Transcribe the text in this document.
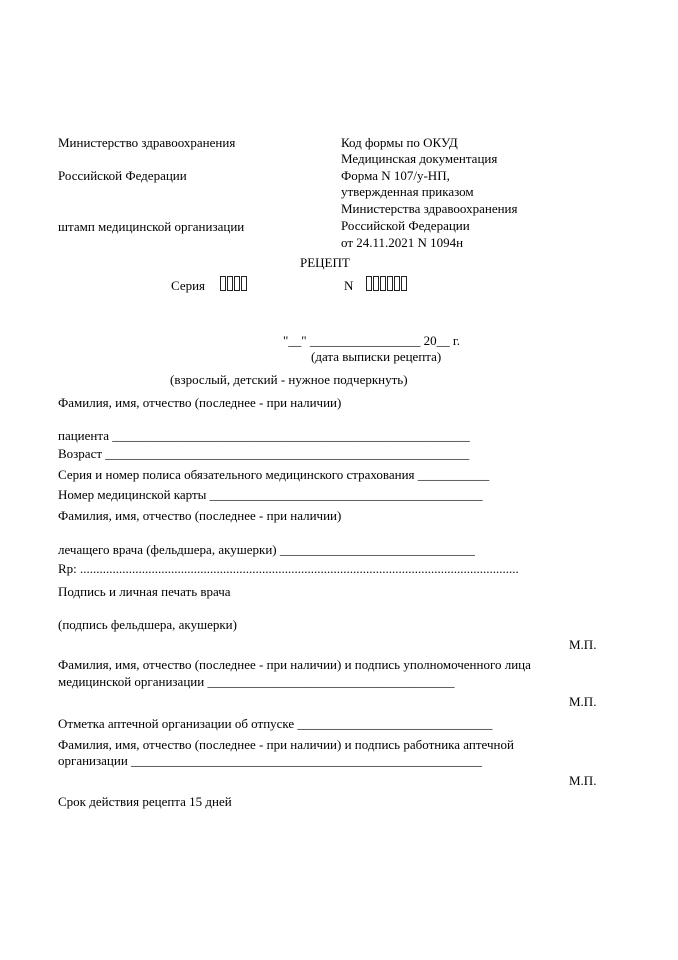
Министерство здравоохранения
Российской Федерации
штамп медицинской организации
Код формы по ОКУД
Медицинская документация
Форма N 107/у-НП,
утвержденная приказом
Министерства здравоохранения
Российской Федерации
от 24.11.2021 N 1094н
РЕЦЕПТ
Серия	N
"__" _________________ 20__ г.
(дата выписки рецепта)
(взрослый, детский - нужное подчеркнуть)
Фамилия, имя, отчество (последнее - при наличии)
пациента _______________________________________________________
Возраст ________________________________________________________
Серия и номер полиса обязательного медицинского страхования ___________
Номер медицинской карты __________________________________________
Фамилия, имя, отчество (последнее - при наличии)
лечащего врача (фельдшера, акушерки) ______________________________
Rp: .......................................................................................................................................
Подпись и личная печать врача
(подпись фельдшера, акушерки)
М.П.
Фамилия, имя, отчество (последнее - при наличии) и подпись уполномоченного лица
медицинской организации ______________________________________
М.П.
Отметка аптечной организации об отпуске ______________________________
Фамилия, имя, отчество (последнее - при наличии) и подпись работника аптечной
организации ______________________________________________________
М.П.
Срок действия рецепта 15 дней
